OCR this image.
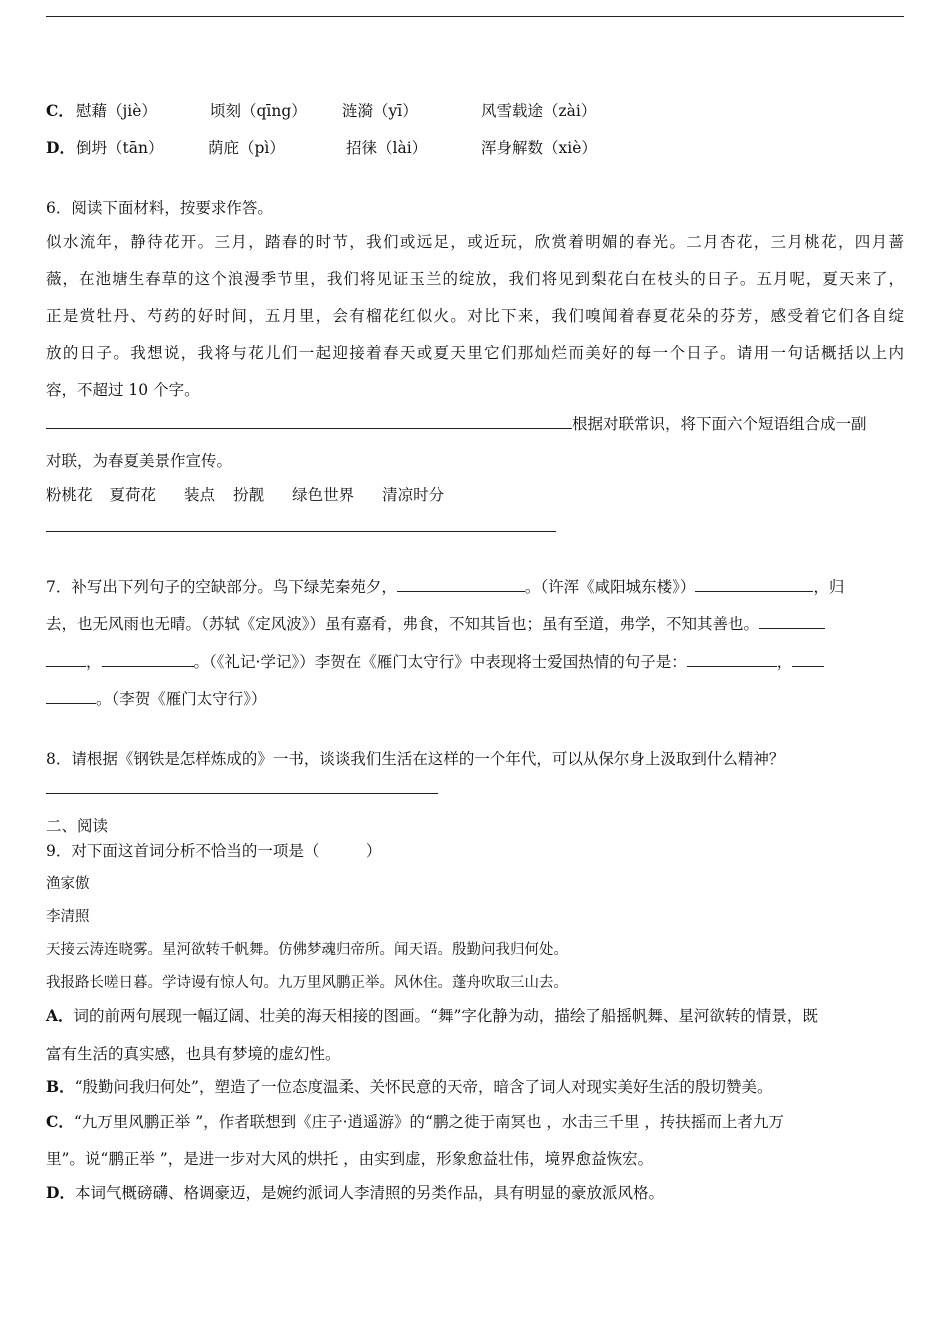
C． 慰藉（jiè）	顷刻（qīng） 涟漪（yī）	风雪载途（zài）
D． 倒坍（tān）	荫庇（pì）	招徕（lài）	浑身解数（xiè）
6．阅读下面材料，按要求作答。
似水流年，静待花开。三月，踏春的时节，我们或远足，或近玩，欣赏着明媚的春光。二月杏花，三月桃花，四月蔷
薇，在池塘生春草的这个浪漫季节里，我们将见证玉兰的绽放，我们将见到梨花白在枝头的日子。五月呢，夏天来了，
正是赏牡丹、芍药的好时间，五月里，会有榴花红似火。对比下来，我们嗅闻着春夏花朵的芬芳，感受着它们各自绽
放的日子。我想说，我将与花儿们一起迎接着春天或夏天里它们那灿烂而美好的每一个日子。请用一句话概括以上内
容，不超过 10 个字。
根据对联常识，将下面六个短语组合成一副
对联，为春夏美景作宣传。
粉桃花 夏荷花 装点 扮靓 绿色世界 清凉时分
7．补写出下列句子的空缺部分。鸟下绿芜秦苑夕，	。（许浑《咸阳城东楼》）	，归
去，也无风雨也无晴。（苏轼《定风波》）虽有嘉肴，弗食，不知其旨也；虽有至道，弗学，不知其善也。
，	。（《礼记·学记》）李贺在《雁门太守行》中表现将士爱国热情的句子是：	，
。（李贺《雁门太守行》）
8．请根据《钢铁是怎样炼成的》一书，谈谈我们生活在这样的一个年代，可以从保尔身上汲取到什么精神？
二、阅读
9．对下面这首词分析不恰当的一项是（　　　）
渔家傲
李清照
天接云涛连晓雾。星河欲转千帆舞。仿佛梦魂归帝所。闻天语。殷勤问我归何处。
我报路长嗟日暮。学诗谩有惊人句。九万里风鹏正举。风休住。蓬舟吹取三山去。
A．词的前两句展现一幅辽阔、壮美的海天相接的图画。“舞”字化静为动，描绘了船摇帆舞、星河欲转的情景，既
富有生活的真实感，也具有梦境的虚幻性。
B．“殷勤问我归何处”，塑造了一位态度温柔、关怀民意的天帝，暗含了词人对现实美好生活的殷切赞美。
C．“九万里风鹏正举 ”，作者联想到《庄子·逍遥游》的“鹏之徙于南冥也 ，水击三千里 ，抟扶摇而上者九万
里”。说“鹏正举 ”，是进一步对大风的烘托 ，由实到虚，形象愈益壮伟，境界愈益恢宏。
D．本词气概磅礴、格调豪迈，是婉约派词人李清照的另类作品，具有明显的豪放派风格。
